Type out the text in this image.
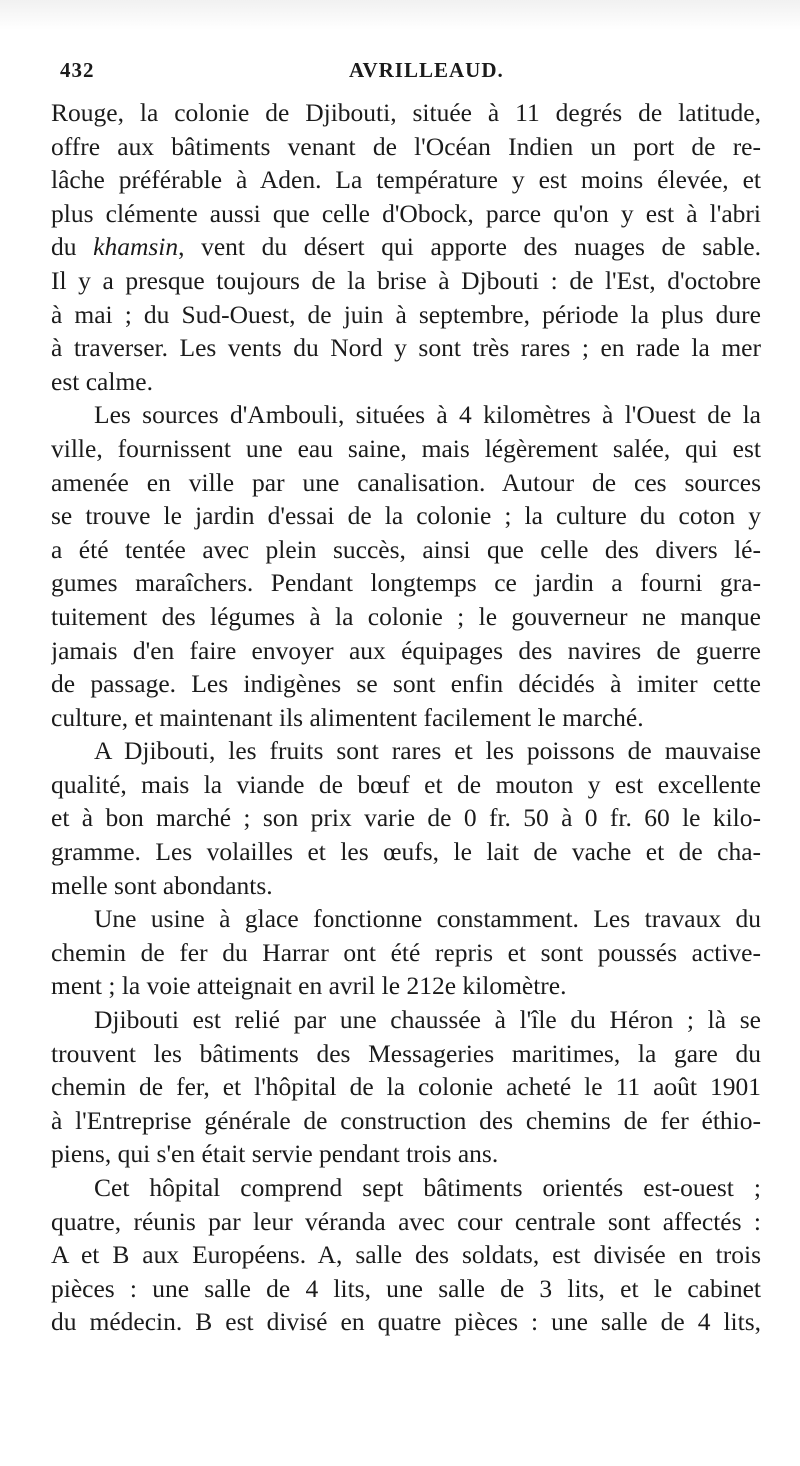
432	AVRILLEAUD.
Rouge, la colonie de Djibouti, située à 11 degrés de latitude,
offre aux bâtiments venant de l'Océan Indien un port de re-
lâche préférable à Aden. La température y est moins élevée, et
plus clémente aussi que celle d'Obock, parce qu'on y est à l'abri
du khamsin, vent du désert qui apporte des nuages de sable.
Il y a presque toujours de la brise à Djbouti : de l'Est, d'octobre
à mai ; du Sud-Ouest, de juin à septembre, période la plus dure
à traverser. Les vents du Nord y sont très rares ; en rade la mer
est calme.
Les sources d'Ambouli, situées à 4 kilomètres à l'Ouest de la
ville, fournissent une eau saine, mais légèrement salée, qui est
amenée en ville par une canalisation. Autour de ces sources
se trouve le jardin d'essai de la colonie ; la culture du coton y
a été tentée avec plein succès, ainsi que celle des divers lé-
gumes maraîchers. Pendant longtemps ce jardin a fourni gra-
tuitement des légumes à la colonie ; le gouverneur ne manque
jamais d'en faire envoyer aux équipages des navires de guerre
de passage. Les indigènes se sont enfin décidés à imiter cette
culture, et maintenant ils alimentent facilement le marché.
A Djibouti, les fruits sont rares et les poissons de mauvaise
qualité, mais la viande de bœuf et de mouton y est excellente
et à bon marché ; son prix varie de 0 fr. 50 à 0 fr. 60 le kilo-
gramme. Les volailles et les œufs, le lait de vache et de cha-
melle sont abondants.
Une usine à glace fonctionne constamment. Les travaux du
chemin de fer du Harrar ont été repris et sont poussés active-
ment ; la voie atteignait en avril le 212e kilomètre.
Djibouti est relié par une chaussée à l'île du Héron ; là se
trouvent les bâtiments des Messageries maritimes, la gare du
chemin de fer, et l'hôpital de la colonie acheté le 11 août 1901
à l'Entreprise générale de construction des chemins de fer éthio-
piens, qui s'en était servie pendant trois ans.
Cet hôpital comprend sept bâtiments orientés est-ouest ;
quatre, réunis par leur véranda avec cour centrale sont affectés :
A et B aux Européens. A, salle des soldats, est divisée en trois
pièces : une salle de 4 lits, une salle de 3 lits, et le cabinet
du médecin. B est divisé en quatre pièces : une salle de 4 lits,
